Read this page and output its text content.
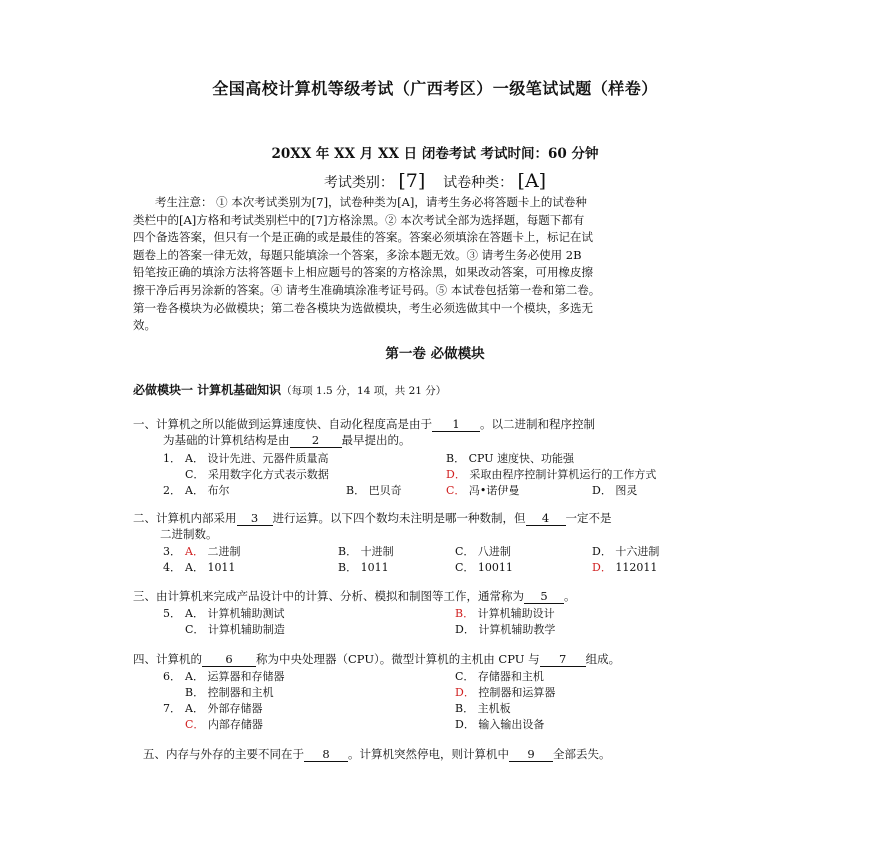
全国高校计算机等级考试（广西考区）一级笔试试题（样卷）
20XX 年 XX 月 XX 日 闭卷考试 考试时间：60 分钟
考试类别： [7] 试卷种类： [A]
考生注意： ① 本次考试类别为[7]，试卷种类为[A]，请考生务必将答题卡上的试卷种
类栏中的[A]方格和考试类别栏中的[7]方格涂黑。② 本次考试全部为选择题，每题下都有
四个备选答案，但只有一个是正确的或是最佳的答案。答案必须填涂在答题卡上，标记在试
题卷上的答案一律无效，每题只能填涂一个答案，多涂本题无效。③ 请考生务必使用 2B
铅笔按正确的填涂方法将答题卡上相应题号的答案的方格涂黑，如果改动答案，可用橡皮擦
擦干净后再另涂新的答案。④ 请考生准确填涂准考证号码。⑤ 本试卷包括第一卷和第二卷。
第一卷各模块为必做模块；第二卷各模块为选做模块，考生必须选做其中一个模块，多选无
效。
第一卷 必做模块
必做模块一 计算机基础知识（每项 1.5 分，14 项，共 21 分）
一、计算机之所以能做到运算速度快、自动化程度高是由于 1 。以二进制和程序控制
为基础的计算机结构是由 2 最早提出的。
1． A． 设计先进、元器件质量高	B． CPU 速度快、功能强
C． 采用数字化方式表示数据	D． 采取由程序控制计算机运行的工作方式
2． A． 布尔	B． 巴贝奇	C． 冯•诺伊曼	D． 图灵
二、计算机内部采用 3 进行运算。以下四个数均未注明是哪一种数制，但 4 一定不是
二进制数。
3． A． 二进制	B． 十进制	C． 八进制	D． 十六进制
4． A． 1011	B． 1011	C． 10011	D． 112011
三、由计算机来完成产品设计中的计算、分析、模拟和制图等工作，通常称为 5 。
5． A． 计算机辅助测试	B． 计算机辅助设计
C． 计算机辅助制造	D． 计算机辅助教学
四、计算机的 6 称为中央处理器（CPU）。微型计算机的主机由 CPU 与 7 组成。
6． A． 运算器和存储器	C． 存储器和主机
B． 控制器和主机	D． 控制器和运算器
7． A． 外部存储器	B． 主机板
C． 内部存储器	D． 输入输出设备
五、内存与外存的主要不同在于 8 。计算机突然停电，则计算机中 9 全部丢失。
